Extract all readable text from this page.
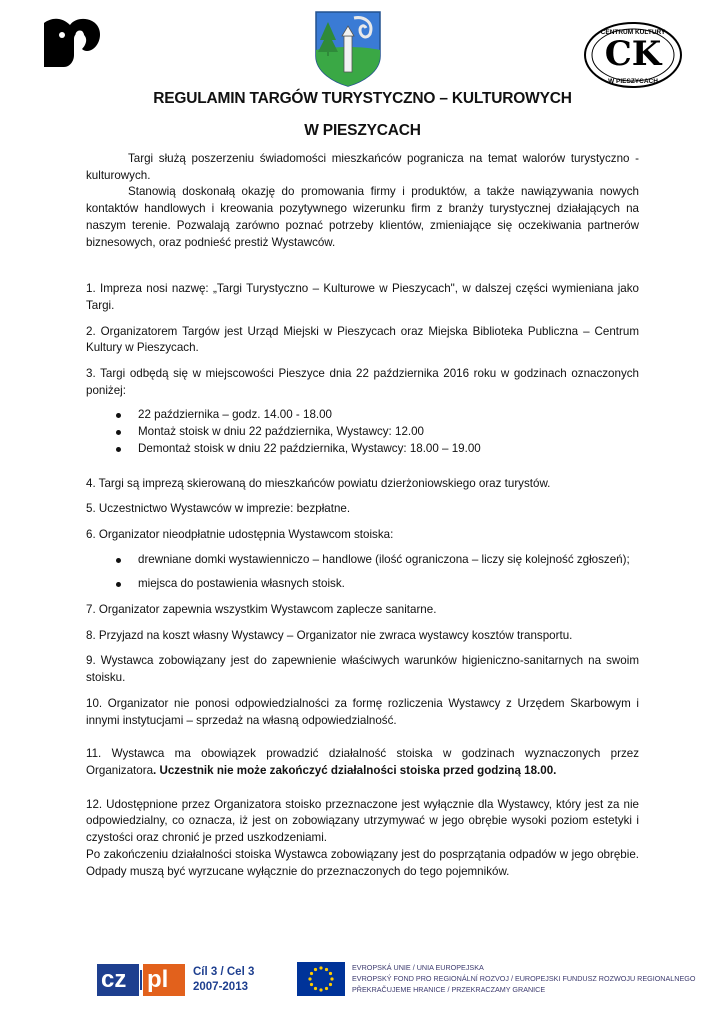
CK
CENTRUM KULTURY
W PIESZYCACH
REGULAMIN TARGÓW TURYSTYCZNO – KULTUROWYCH
W PIESZYCACH

Targi służą poszerzeniu świadomości mieszkańców pogranicza na temat walorów turystyczno - kulturowych.

Stanowią doskonałą okazję do promowania firmy i produktów, a także nawiązywania nowych kontaktów handlowych i kreowania pozytywnego wizerunku firm z branży turystycznej działających na naszym terenie. Pozwalają zarówno poznać potrzeby klientów, zmieniające się oczekiwania partnerów biznesowych, oraz podnieść prestiż Wystawców.

1. Impreza nosi nazwę: „Targi Turystyczno – Kulturowe w Pieszycach", w dalszej części wymieniana jako Targi.

2. Organizatorem Targów jest Urząd Miejski w Pieszycach oraz Miejska Biblioteka Publiczna – Centrum Kultury w Pieszycach.

3. Targi odbędą się w miejscowości Pieszyce dnia 22 października 2016 roku w godzinach oznaczonych poniżej:

22 października – godz. 14.00 - 18.00
Montaż stoisk w dniu 22 października, Wystawcy: 12.00
Demontaż stoisk w dniu 22 października, Wystawcy: 18.00 – 19.00

4. Targi są imprezą skierowaną do mieszkańców powiatu dzierżoniowskiego oraz turystów.

5. Uczestnictwo Wystawców w imprezie: bezpłatne.

6. Organizator nieodpłatnie udostępnia Wystawcom stoiska:

drewniane domki wystawienniczo – handlowe (ilość ograniczona – liczy się kolejność zgłoszeń);
miejsca do postawienia własnych stoisk.

7. Organizator zapewnia wszystkim Wystawcom zaplecze sanitarne.

8. Przyjazd na koszt własny Wystawcy – Organizator nie zwraca wystawcy kosztów transportu.

9. Wystawca zobowiązany jest do zapewnienie właściwych warunków higieniczno-sanitarnych na swoim stoisku.

10. Organizator nie ponosi odpowiedzialności za formę rozliczenia Wystawcy z Urzędem Skarbowym i innymi instytucjami – sprzedaż na własną odpowiedzialność.

11. Wystawca ma obowiązek prowadzić działalność stoiska w godzinach wyznaczonych przez Organizatora. Uczestnik nie może zakończyć działalności stoiska przed godziną 18.00.

12. Udostępnione przez Organizatora stoisko przeznaczone jest wyłącznie dla Wystawcy, który jest za nie odpowiedzialny, co oznacza, iż jest on zobowiązany utrzymywać w jego obrębie wysoki poziom estetyki i czystości oraz chronić je przed uszkodzeniami.

Po zakończeniu działalności stoiska Wystawca zobowiązany jest do posprzątania odpadów w jego obrębie. Odpady muszą być wyrzucane wyłącznie do przeznaczonych do tego pojemników.

cz pl Cíl 3 / Cel 3
2007-2013
EVROPSKÁ UNIE / UNIA EUROPEJSKA
EVROPSKÝ FOND PRO REGIONÁLNÍ ROZVOJ / EUROPEJSKI FUNDUSZ ROZWOJU REGIONALNEGO
PŘEKRAČUJEME HRANICE / PRZEKRACZAMY GRANICE
